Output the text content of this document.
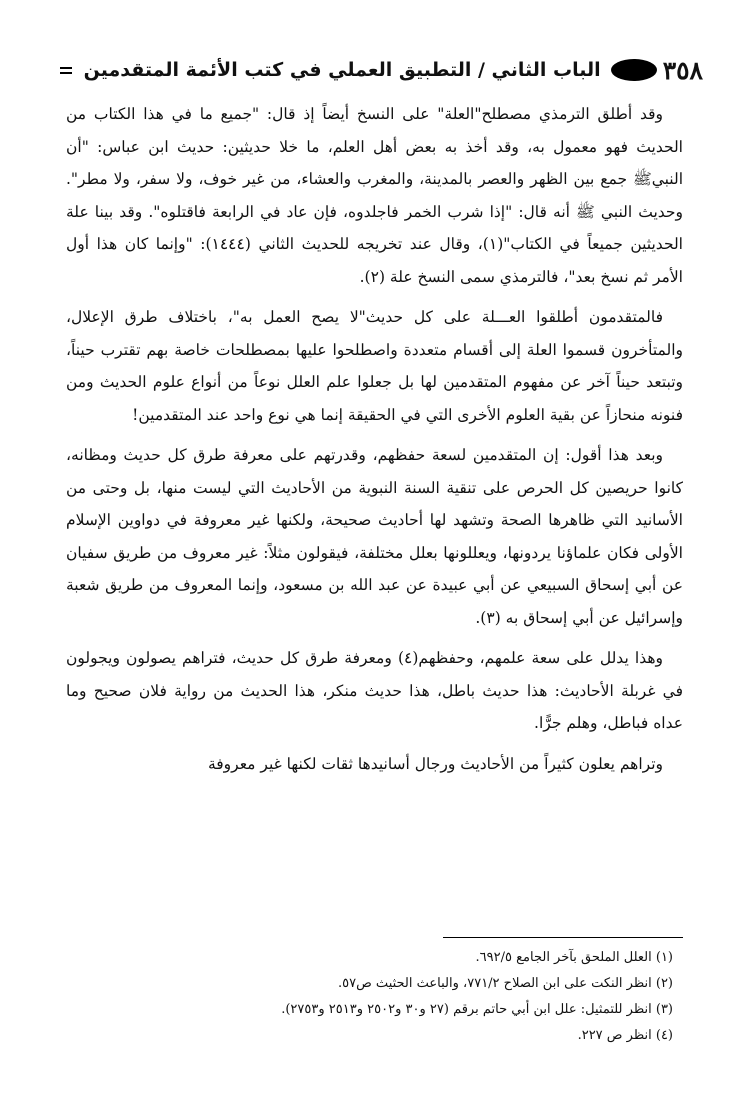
٣٥٨
الباب الثاني / التطبيق العملي في كتب الأئمة المتقدمين

وقد أطلق الترمذي مصطلح"العلة" على النسخ أيضاً إذ قال: "جميع ما في هذا الكتاب من الحديث فهو معمول به، وقد أخذ به بعض أهل العلم، ما خلا حديثين: حديث ابن عباس: "أن النبيﷺ جمع بين الظهر والعصر بالمدينة، والمغرب والعشاء، من غير خوف، ولا سفر، ولا مطر". وحديث النبي ﷺ أنه قال: "إذا شرب الخمر فاجلدوه، فإن عاد في الرابعة فاقتلوه". وقد بينا علة الحديثين جميعاً في الكتاب"(١)، وقال عند تخريجه للحديث الثاني (١٤٤٤): "وإنما كان هذا أول الأمر ثم نسخ بعد"، فالترمذي سمى النسخ علة (٢).

فالمتقدمون أطلقوا العـــلة على كل حديث"لا يصح العمل به"، باختلاف طرق الإعلال، والمتأخرون قسموا العلة إلى أقسام متعددة واصطلحوا عليها بمصطلحات خاصة بهم تقترب حيناً، وتبتعد حيناً آخر عن مفهوم المتقدمين لها بل جعلوا علم العلل نوعاً من أنواع علوم الحديث ومن فنونه منحازاً عن بقية العلوم الأخرى التي في الحقيقة إنما هي نوع واحد عند المتقدمين!

وبعد هذا أقول: إن المتقدمين لسعة حفظهم، وقدرتهم على معرفة طرق كل حديث ومظانه، كانوا حريصين كل الحرص على تنقية السنة النبوية من الأحاديث التي ليست منها، بل وحتى من الأسانيد التي ظاهرها الصحة وتشهد لها أحاديث صحيحة، ولكنها غير معروفة في دواوين الإسلام الأولى فكان علماؤنا يردونها، ويعللونها بعلل مختلفة، فيقولون مثلاً: غير معروف من طريق سفيان عن أبي إسحاق السبيعي عن أبي عبيدة عن عبد الله بن مسعود، وإنما المعروف من طريق شعبة وإسرائيل عن أبي إسحاق به (٣).

وهذا يدلل على سعة علمهم، وحفظهم(٤) ومعرفة طرق كل حديث، فتراهم يصولون ويجولون في غربلة الأحاديث: هذا حديث باطل، هذا حديث منكر، هذا الحديث من رواية فلان صحيح وما عداه فباطل، وهلم جرًّا.

وتراهم يعلون كثيراً من الأحاديث ورجال أسانيدها ثقات لكنها غير معروفة

(١) العلل الملحق بآخر الجامع ٦٩٢/٥.

(٢) انظر النكت على ابن الصلاح ٧٧١/٢، والباعث الحثيث ص٥٧.

(٣) انظر للتمثيل: علل ابن أبي حاتم برقم (٢٧ و٣٠ و٢٥٠٢ و٢٥١٣ و٢٧٥٣).

(٤) انظر ص ٢٢٧.
